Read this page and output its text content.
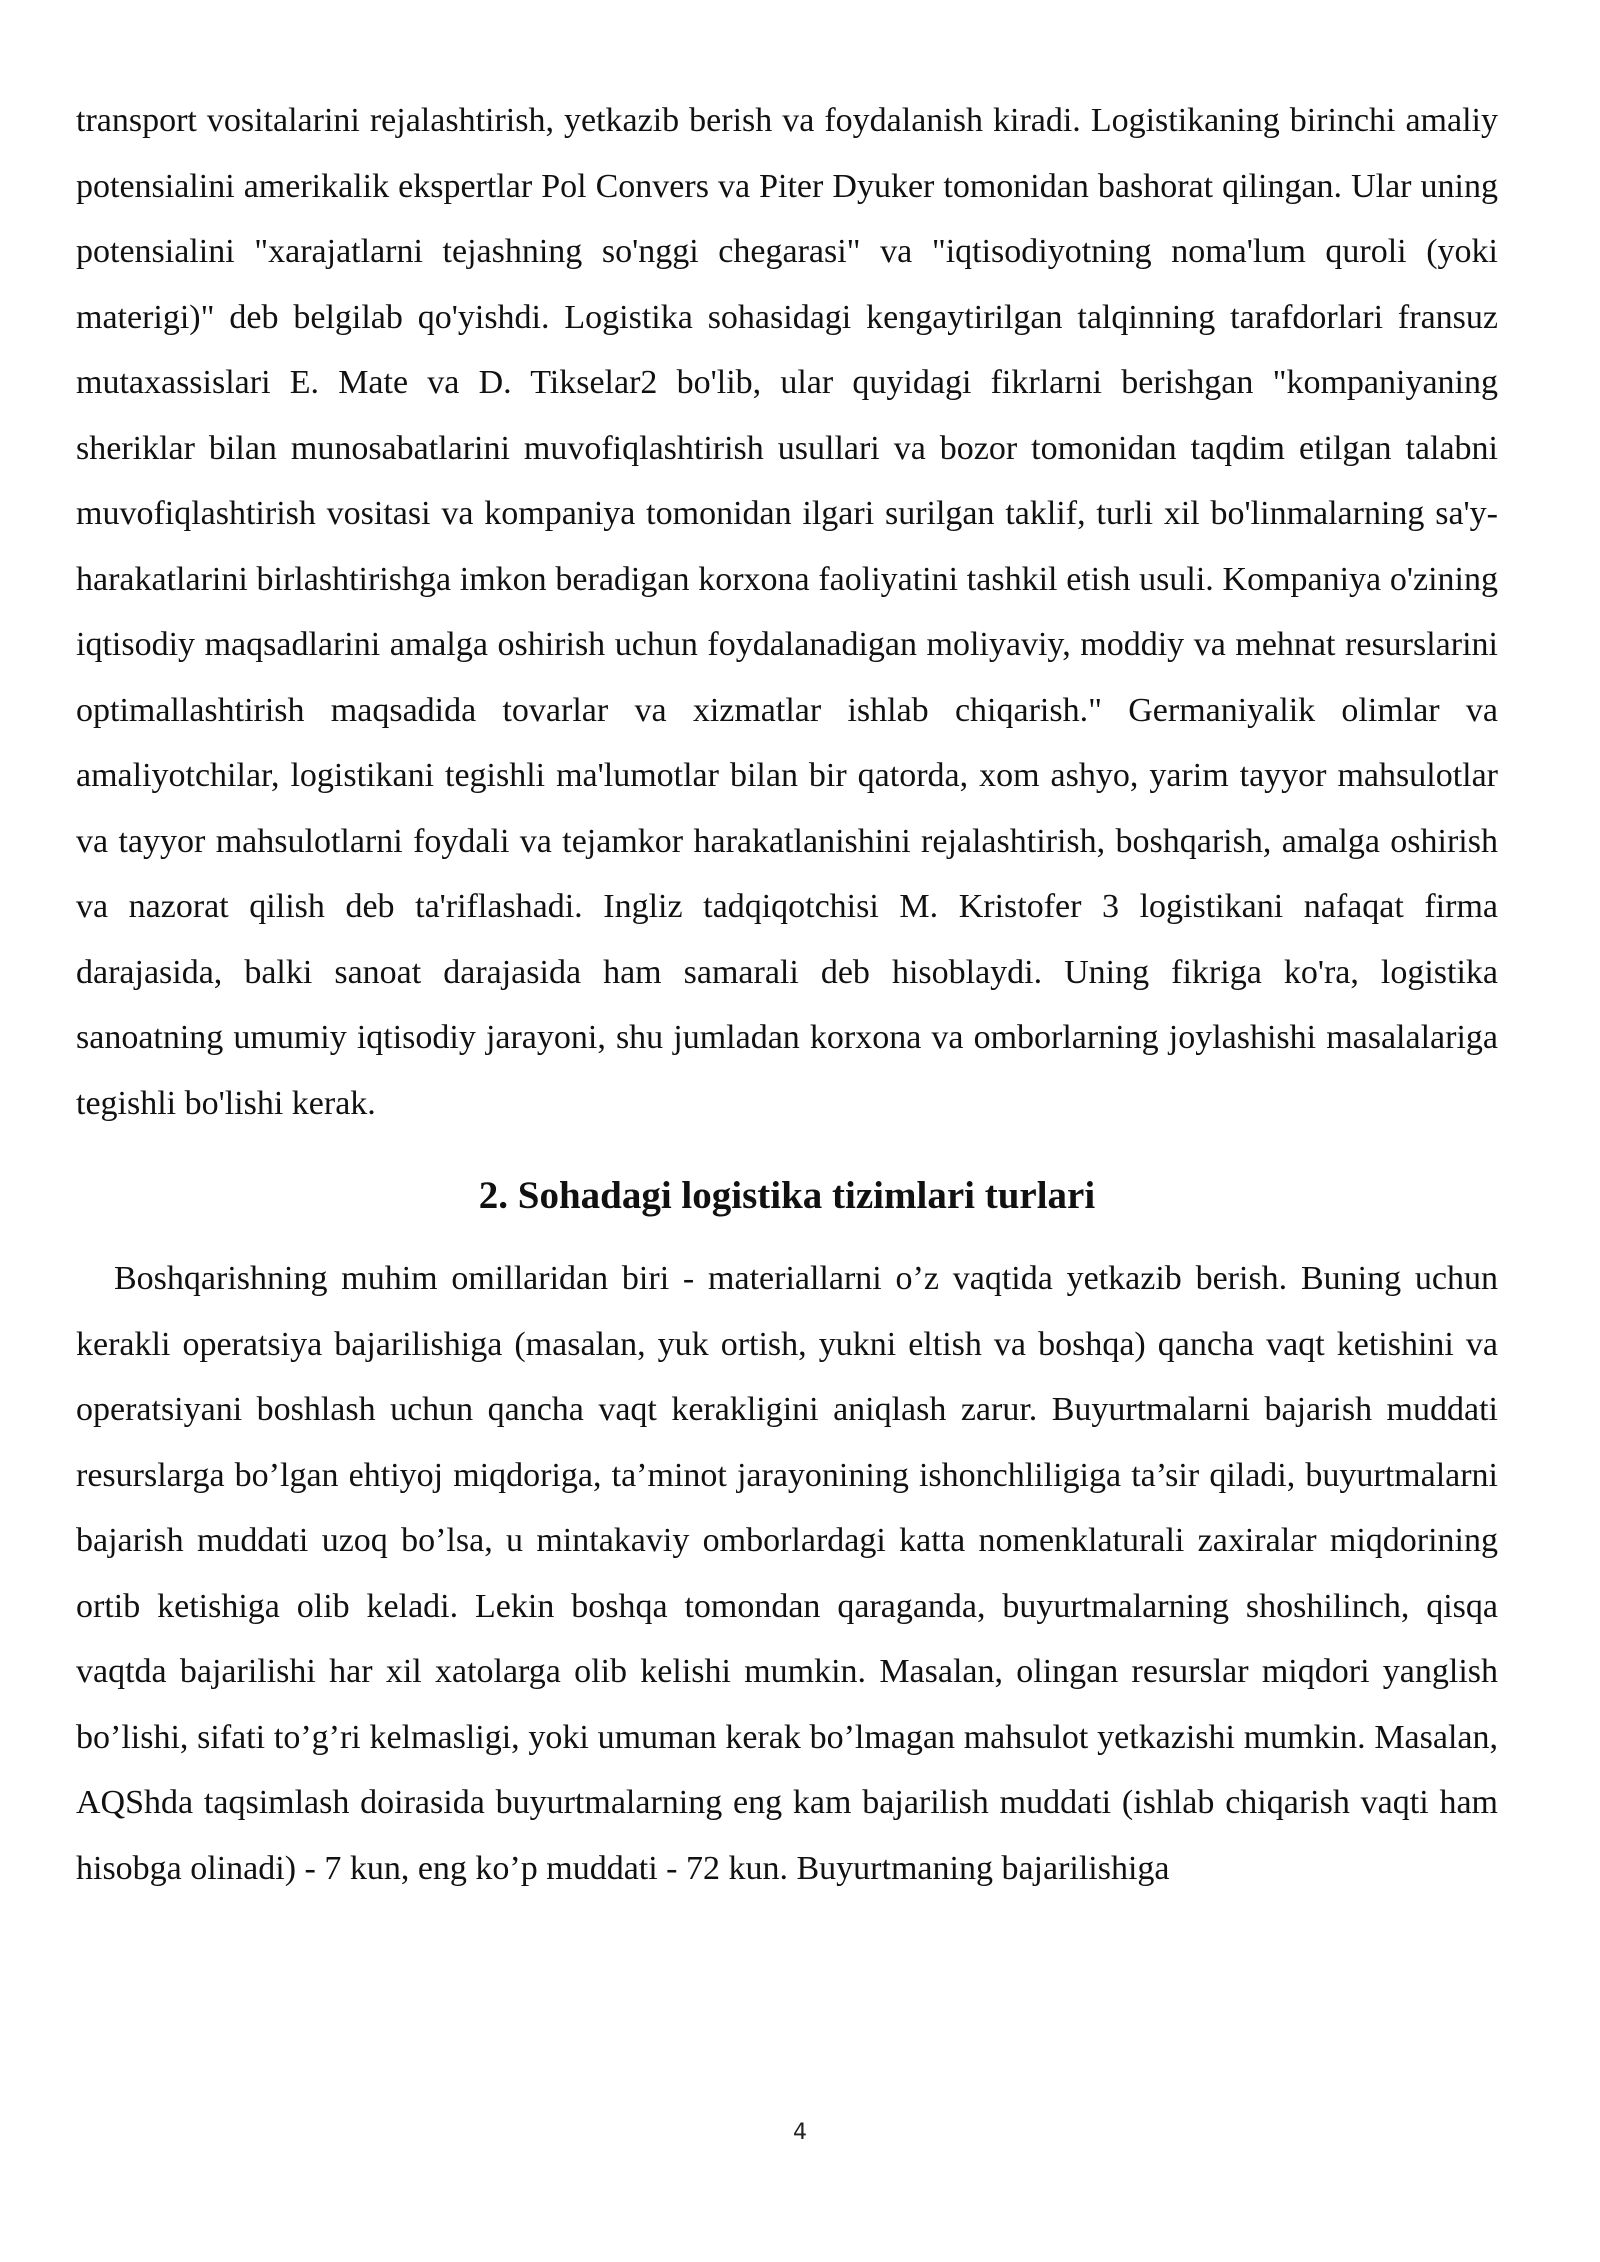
transport vositalarini rejalashtirish, yetkazib berish va foydalanish kiradi. Logistikaning birinchi amaliy potensialini amerikalik ekspertlar Pol Convers va Piter Dyuker tomonidan bashorat qilingan. Ular uning potensialini "xarajatlarni tejashning so'nggi chegarasi" va "iqtisodiyotning noma'lum quroli (yoki materigi)" deb belgilab qo'yishdi. Logistika sohasidagi kengaytirilgan talqinning tarafdorlari fransuz mutaxassislari E. Mate va D. Tikselar2 bo'lib, ular quyidagi fikrlarni berishgan "kompaniyaning sheriklar bilan munosabatlarini muvofiqlashtirish usullari va bozor tomonidan taqdim etilgan talabni muvofiqlashtirish vositasi va kompaniya tomonidan ilgari surilgan taklif, turli xil bo'linmalarning sa'y-harakatlarini birlashtirishga imkon beradigan korxona faoliyatini tashkil etish usuli. Kompaniya o'zining iqtisodiy maqsadlarini amalga oshirish uchun foydalanadigan moliyaviy, moddiy va mehnat resurslarini optimallashtirish maqsadida tovarlar va xizmatlar ishlab chiqarish." Germaniyalik olimlar va amaliyotchilar, logistikani tegishli ma'lumotlar bilan bir qatorda, xom ashyo, yarim tayyor mahsulotlar va tayyor mahsulotlarni foydali va tejamkor harakatlanishini rejalashtirish, boshqarish, amalga oshirish va nazorat qilish deb ta'riflashadi. Ingliz tadqiqotchisi M. Kristofer 3 logistikani nafaqat firma darajasida, balki sanoat darajasida ham samarali deb hisoblaydi. Uning fikriga ko'ra, logistika sanoatning umumiy iqtisodiy jarayoni, shu jumladan korxona va omborlarning joylashishi masalalariga tegishli bo'lishi kerak.

2. Sohadagi logistika tizimlari turlari

Boshqarishning muhim omillaridan biri - materiallarni o’z vaqtida yetkazib berish. Buning uchun kerakli operatsiya bajarilishiga (masalan, yuk ortish, yukni eltish va boshqa) qancha vaqt ketishini va operatsiyani boshlash uchun qancha vaqt kerakligini aniqlash zarur. Buyurtmalarni bajarish muddati resurslarga bo’lgan ehtiyoj miqdoriga, ta’minot jarayonining ishonchliligiga ta’sir qiladi, buyurtmalarni bajarish muddati uzoq bo’lsa, u mintakaviy omborlardagi katta nomenklaturali zaxiralar miqdorining ortib ketishiga olib keladi. Lekin boshqa tomondan qaraganda, buyurtmalarning shoshilinch, qisqa vaqtda bajarilishi har xil xatolarga olib kelishi mumkin. Masalan, olingan resurslar miqdori yanglish bo’lishi, sifati to’g’ri kelmasligi, yoki umuman kerak bo’lmagan mahsulot yetkazishi mumkin. Masalan, AQShda taqsimlash doirasida buyurtmalarning eng kam bajarilish muddati (ishlab chiqarish vaqti ham hisobga olinadi) - 7 kun, eng ko’p muddati - 72 kun. Buyurtmaning bajarilishiga

4
